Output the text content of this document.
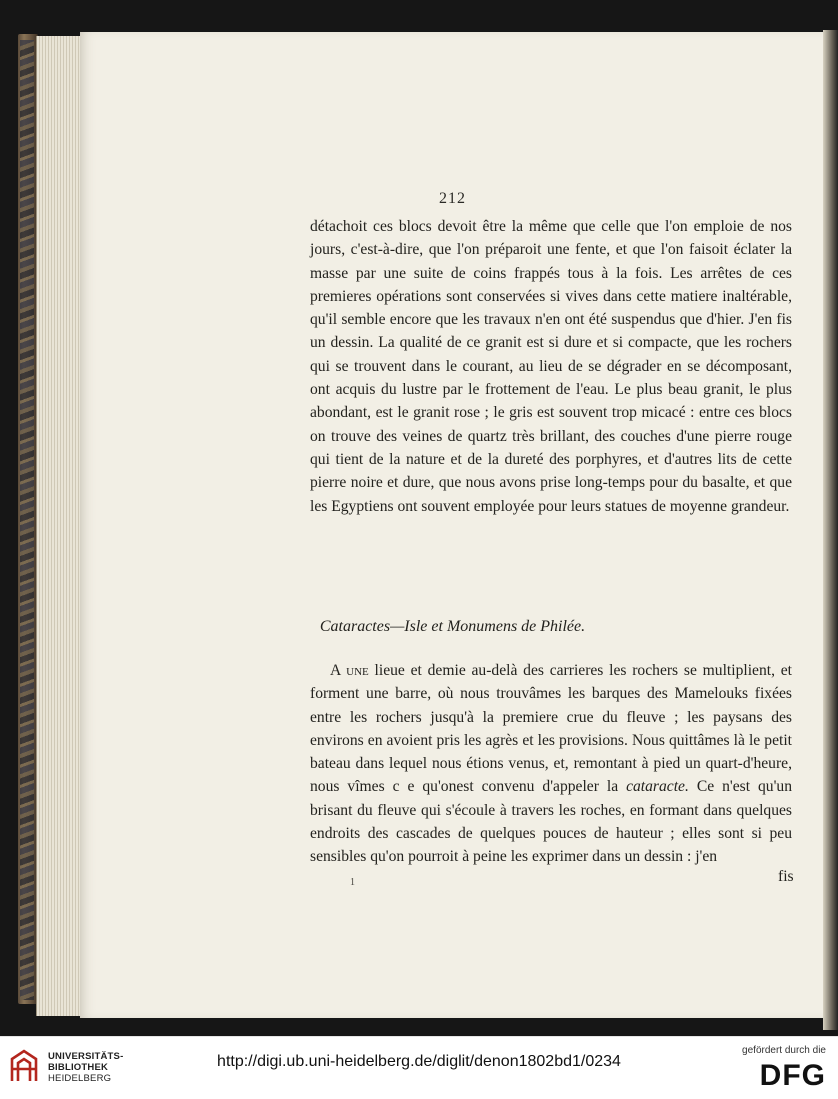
212

détachoit ces blocs devoit être la même que celle que l'on emploie de nos jours, c'est-à-dire, que l'on préparoit une fente, et que l'on faisoit éclater la masse par une suite de coins frappés tous à la fois. Les arrêtes de ces premieres opérations sont conservées si vives dans cette matiere inaltérable, qu'il semble encore que les travaux n'en ont été suspendus que d'hier. J'en fis un dessin. La qualité de ce granit est si dure et si compacte, que les rochers qui se trouvent dans le courant, au lieu de se dégrader en se décomposant, ont acquis du lustre par le frottement de l'eau. Le plus beau granit, le plus abondant, est le granit rose ; le gris est souvent trop micacé : entre ces blocs on trouve des veines de quartz très brillant, des couches d'une pierre rouge qui tient de la nature et de la dureté des porphyres, et d'autres lits de cette pierre noire et dure, que nous avons prise long-temps pour du basalte, et que les Egyptiens ont souvent employée pour leurs statues de moyenne grandeur.

Cataractes—Isle et Monumens de Philée.

A une lieue et demie au-delà des carrieres les rochers se multiplient, et forment une barre, où nous trouvâmes les barques des Mamelouks fixées entre les rochers jusqu'à la premiere crue du fleuve ; les paysans des environs en avoient pris les agrès et les provisions. Nous quittâmes là le petit bateau dans lequel nous étions venus, et, remontant à pied un quart-d'heure, nous vîmes c e qu'onest convenu d'appeler la cataracte. Ce n'est qu'un brisant du fleuve qui s'écoule à travers les roches, en formant dans quelques endroits des cascades de quelques pouces de hauteur ; elles sont si peu sensibles qu'on pourroit à peine les exprimer dans un dessin : j'en

1	fis
UNIVERSITÄTS-
BIBLIOTHEK
HEIDELBERG
http://digi.ub.uni-heidelberg.de/diglit/denon1802bd1/0234
gefördert durch die
DFG
